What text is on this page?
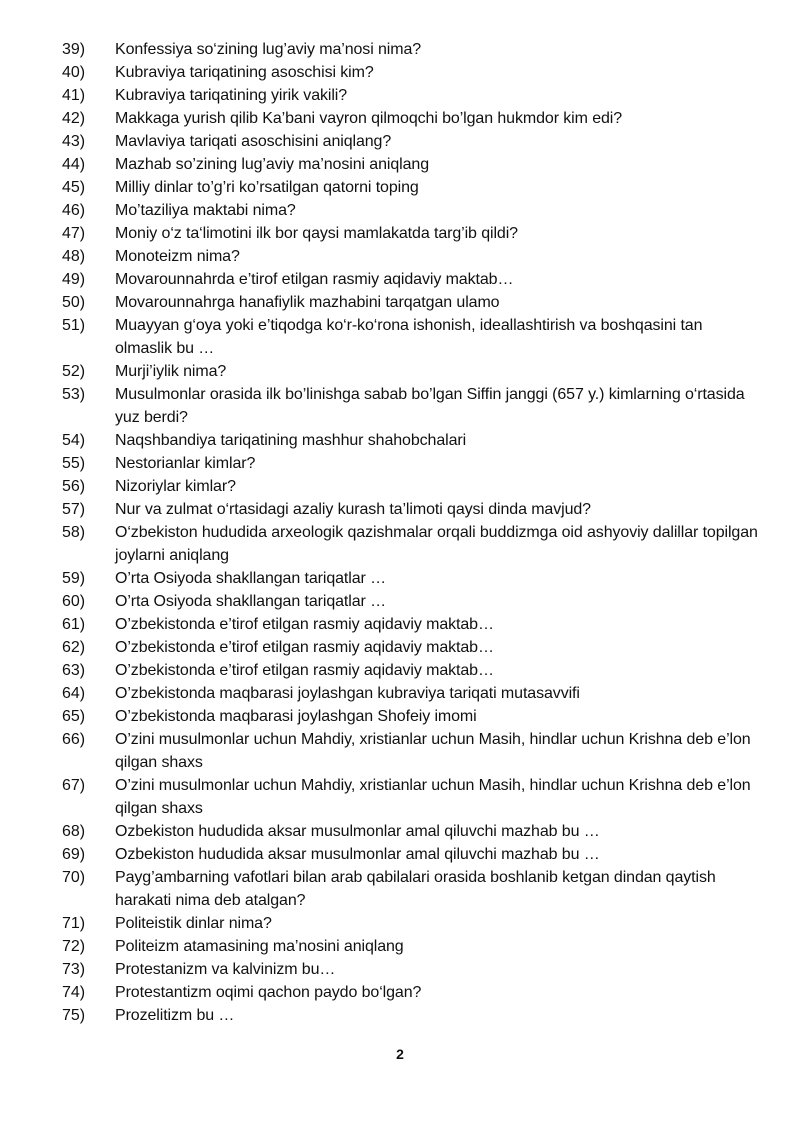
39)	Konfessiya so‘zining lug’aviy ma’nosi nima?
40)	Kubraviya tariqatining asoschisi kim?
41)	Kubraviya tariqatining yirik vakili?
42)	Makkaga yurish qilib Ka’bani vayron qilmoqchi bo’lgan hukmdor kim edi?
43)	Mavlaviya tariqati asoschisini aniqlang?
44)	Mazhab so’zining lug’aviy ma’nosini aniqlang
45)	Milliy dinlar to’g’ri ko’rsatilgan qatorni toping
46)	Mo’taziliya maktabi nima?
47)	Moniy o‘z ta‘limotini ilk bor qaysi mamlakatda targ’ib qildi?
48)	Monoteizm nima?
49)	Movarounnahrda e’tirof etilgan rasmiy aqidaviy maktab…
50)	Movarounnahrga hanafiylik mazhabini tarqatgan ulamo
51)	Muayyan g‘oya yoki e’tiqodga ko‘r-ko‘rona ishonish, ideallashtirish va boshqasini tan olmaslik bu …
52)	Murji’iylik nima?
53)	Musulmonlar orasida ilk bo’linishga sabab bo’lgan Siffin janggi (657 y.) kimlarning o‘rtasida yuz berdi?
54)	Naqshbandiya tariqatining mashhur shahobchalari
55)	Nestorianlar kimlar?
56)	Nizoriylar kimlar?
57)	Nur va zulmat o‘rtasidagi azaliy kurash ta’limoti qaysi dinda mavjud?
58)	O‘zbekiston hududida arxeologik qazishmalar orqali buddizmga oid ashyoviy dalillar topilgan joylarni aniqlang
59)	O’rta Osiyoda shakllangan tariqatlar …
60)	O’rta Osiyoda shakllangan tariqatlar …
61)	O’zbekistonda e’tirof etilgan rasmiy aqidaviy maktab…
62)	O’zbekistonda e’tirof etilgan rasmiy aqidaviy maktab…
63)	O’zbekistonda e’tirof etilgan rasmiy aqidaviy maktab…
64)	O’zbekistonda maqbarasi joylashgan kubraviya tariqati mutasavvifi
65)	O’zbekistonda maqbarasi joylashgan Shofeiy imomi
66)	O’zini musulmonlar uchun Mahdiy, xristianlar uchun Masih, hindlar uchun Krishna deb e’lon qilgan shaxs
67)	O’zini musulmonlar uchun Mahdiy, xristianlar uchun Masih, hindlar uchun Krishna deb e’lon qilgan shaxs
68)	Ozbekiston hududida aksar musulmonlar amal qiluvchi mazhab bu …
69)	Ozbekiston hududida aksar musulmonlar amal qiluvchi mazhab bu …
70)	Payg’ambarning vafotlari bilan arab qabilalari orasida boshlanib ketgan dindan qaytish harakati nima deb atalgan?
71)	Politeistik dinlar nima?
72)	Politeizm atamasining ma’nosini aniqlang
73)	Protestanizm va kalvinizm bu…
74)	Protestantizm oqimi qachon paydo bo‘lgan?
75)	Prozelitizm bu …
2
